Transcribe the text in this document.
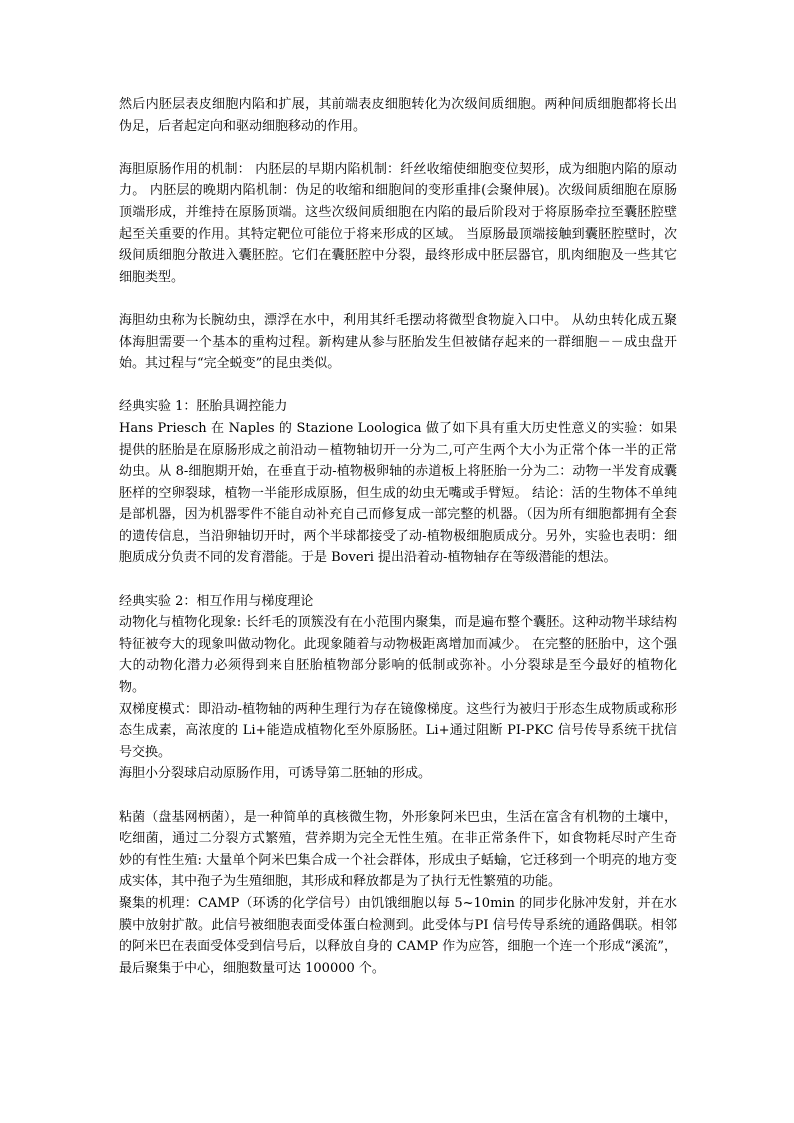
然后内胚层表皮细胞内陷和扩展，其前端表皮细胞转化为次级间质细胞。两种间质细胞都将长出伪足，后者起定向和驱动细胞移动的作用。

海胆原肠作用的机制： 内胚层的早期内陷机制：纤丝收缩使细胞变位契形，成为细胞内陷的原动力。 内胚层的晚期内陷机制：伪足的收缩和细胞间的变形重排(会聚伸展)。次级间质细胞在原肠顶端形成，并维持在原肠顶端。这些次级间质细胞在内陷的最后阶段对于将原肠牵拉至囊胚腔壁起至关重要的作用。其特定靶位可能位于将来形成的区域。 当原肠最顶端接触到囊胚腔壁时，次级间质细胞分散进入囊胚腔。它们在囊胚腔中分裂，最终形成中胚层器官，肌肉细胞及一些其它细胞类型。

海胆幼虫称为长腕幼虫，漂浮在水中，利用其纤毛摆动将微型食物旋入口中。 从幼虫转化成五聚体海胆需要一个基本的重构过程。新构建从参与胚胎发生但被储存起来的一群细胞－－成虫盘开始。其过程与“完全蜕变”的昆虫类似。

经典实验 1：胚胎具调控能力

Hans Priesch 在 Naples 的 Stazione Loologica 做了如下具有重大历史性意义的实验：如果提供的胚胎是在原肠形成之前沿动－植物轴切开一分为二,可产生两个大小为正常个体一半的正常幼虫。从 8-细胞期开始，在垂直于动-植物极卵轴的赤道板上将胚胎一分为二：动物一半发育成囊胚样的空卵裂球，植物一半能形成原肠，但生成的幼虫无嘴或手臂短。 结论：活的生物体不单纯是部机器，因为机器零件不能自动补充自己而修复成一部完整的机器。（因为所有细胞都拥有全套的遗传信息，当沿卵轴切开时，两个半球都接受了动-植物极细胞质成分。另外，实验也表明：细胞质成分负责不同的发育潜能。于是 Boveri 提出沿着动-植物轴存在等级潜能的想法。

经典实验 2：相互作用与梯度理论

动物化与植物化现象: 长纤毛的顶簇没有在小范围内聚集，而是遍布整个囊胚。这种动物半球结构特征被夸大的现象叫做动物化。此现象随着与动物极距离增加而减少。 在完整的胚胎中，这个强大的动物化潜力必须得到来自胚胎植物部分影响的低制或弥补。小分裂球是至今最好的植物化物。

双梯度模式：即沿动-植物轴的两种生理行为存在镜像梯度。这些行为被归于形态生成物质或称形态生成素，高浓度的 Li+能造成植物化至外原肠胚。Li+通过阻断 PI-PKC 信号传导系统干扰信号交换。

海胆小分裂球启动原肠作用，可诱导第二胚轴的形成。

粘菌（盘基网柄菌），是一种简单的真核微生物，外形象阿米巴虫，生活在富含有机物的土壤中，吃细菌，通过二分裂方式繁殖，营养期为完全无性生殖。在非正常条件下，如食物耗尽时产生奇妙的有性生殖: 大量单个阿米巴集合成一个社会群体，形成虫子蛞蝓，它迁移到一个明亮的地方变成实体，其中孢子为生殖细胞，其形成和释放都是为了执行无性繁殖的功能。

聚集的机理：CAMP（环诱的化学信号）由饥饿细胞以每 5~10min 的同步化脉冲发射，并在水膜中放射扩散。此信号被细胞表面受体蛋白检测到。此受体与PI 信号传导系统的通路偶联。相邻的阿米巴在表面受体受到信号后，以释放自身的 CAMP 作为应答，细胞一个连一个形成“溪流”，最后聚集于中心，细胞数量可达 100000 个。
